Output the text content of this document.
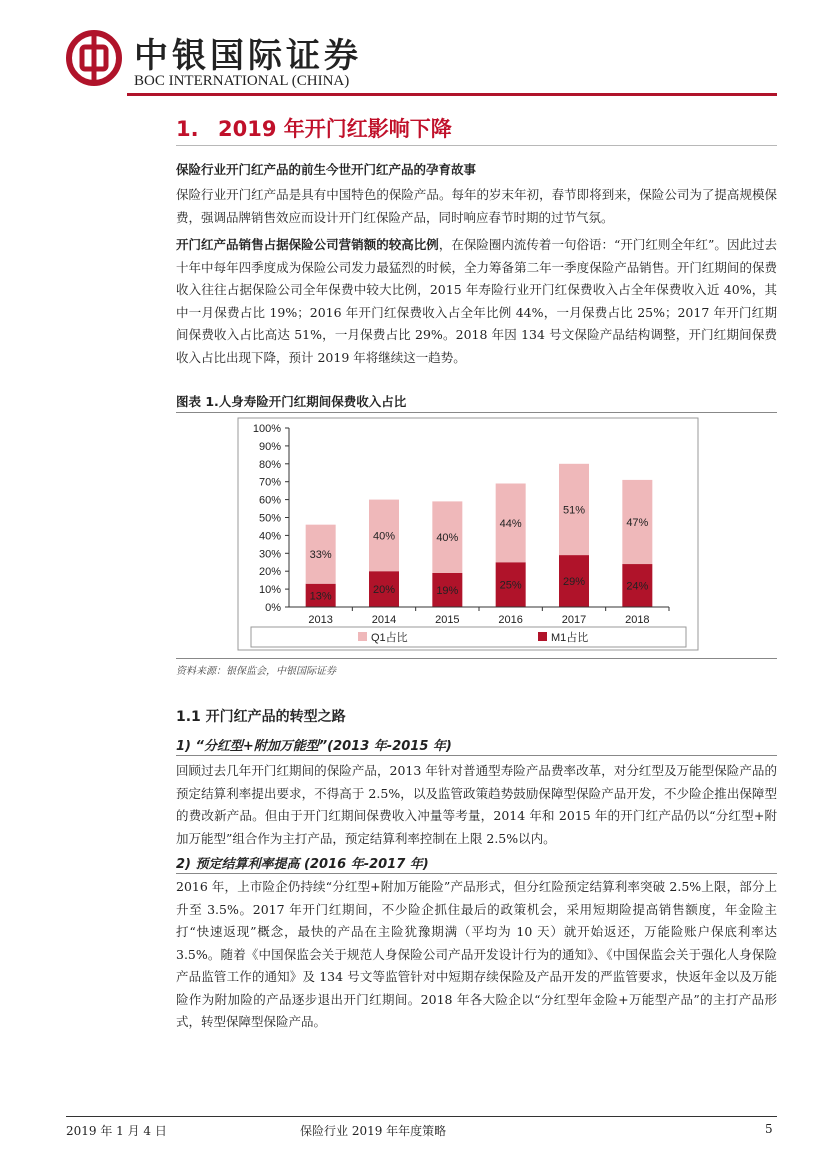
中银国际证券
BOC INTERNATIONAL (CHINA)
1. 2019 年开门红影响下降
保险行业开门红产品的前生今世开门红产品的孕育故事
保险行业开门红产品是具有中国特色的保险产品。每年的岁末年初，春节即将到来，保险公司为了提高规模保费，强调品牌销售效应而设计开门红保险产品，同时响应春节时期的过节气氛。
开门红产品销售占据保险公司营销额的较高比例，在保险圈内流传着一句俗语：“开门红则全年红”。因此过去十年中每年四季度成为保险公司发力最猛烈的时候，全力筹备第二年一季度保险产品销售。开门红期间的保费收入往往占据保险公司全年保费中较大比例，2015 年寿险行业开门红保费收入占全年保费收入近 40%，其中一月保费占比 19%；2016 年开门红保费收入占全年比例 44%，一月保费占比 25%；2017 年开门红期间保费收入占比高达 51%，一月保费占比 29%。2018 年因 134 号文保险产品结构调整，开门红期间保费收入占比出现下降，预计 2019 年将继续这一趋势。
图表 1.人身寿险开门红期间保费收入占比
13%
33%
20%
40%
19%
40%
25%
44%
29%
51%
24%
47%
0%
10%
20%
30%
40%
50%
60%
70%
80%
90%
100%
2013	2014	2015	2016	2017	2018
Q1占比	M1占比
资料来源：银保监会，中银国际证券
1.1 开门红产品的转型之路
1) “分红型+附加万能型”(2013 年-2015 年)
回顾过去几年开门红期间的保险产品，2013 年针对普通型寿险产品费率改革，对分红型及万能型保险产品的预定结算利率提出要求，不得高于 2.5%，以及监管政策趋势鼓励保障型保险产品开发，不少险企推出保障型的费改新产品。但由于开门红期间保费收入冲量等考量，2014 年和 2015 年的开门红产品仍以“分红型+附加万能型”组合作为主打产品，预定结算利率控制在上限 2.5%以内。
2) 预定结算利率提高 (2016 年-2017 年)
2016 年，上市险企仍持续“分红型+附加万能险”产品形式，但分红险预定结算利率突破 2.5%上限，部分上升至 3.5%。2017 年开门红期间，不少险企抓住最后的政策机会，采用短期险提高销售额度，年金险主打“快速返现”概念，最快的产品在主险犹豫期满（平均为 10 天）就开始返还，万能险账户保底利率达 3.5%。随着《中国保监会关于规范人身保险公司产品开发设计行为的通知》、《中国保监会关于强化人身保险产品监管工作的通知》及 134 号文等监管针对中短期存续保险及产品开发的严监管要求，快返年金以及万能险作为附加险的产品逐步退出开门红期间。2018 年各大险企以“分红型年金险+万能型产品”的主打产品形式，转型保障型保险产品。
2019 年 1 月 4 日	保险行业 2019 年年度策略	5
